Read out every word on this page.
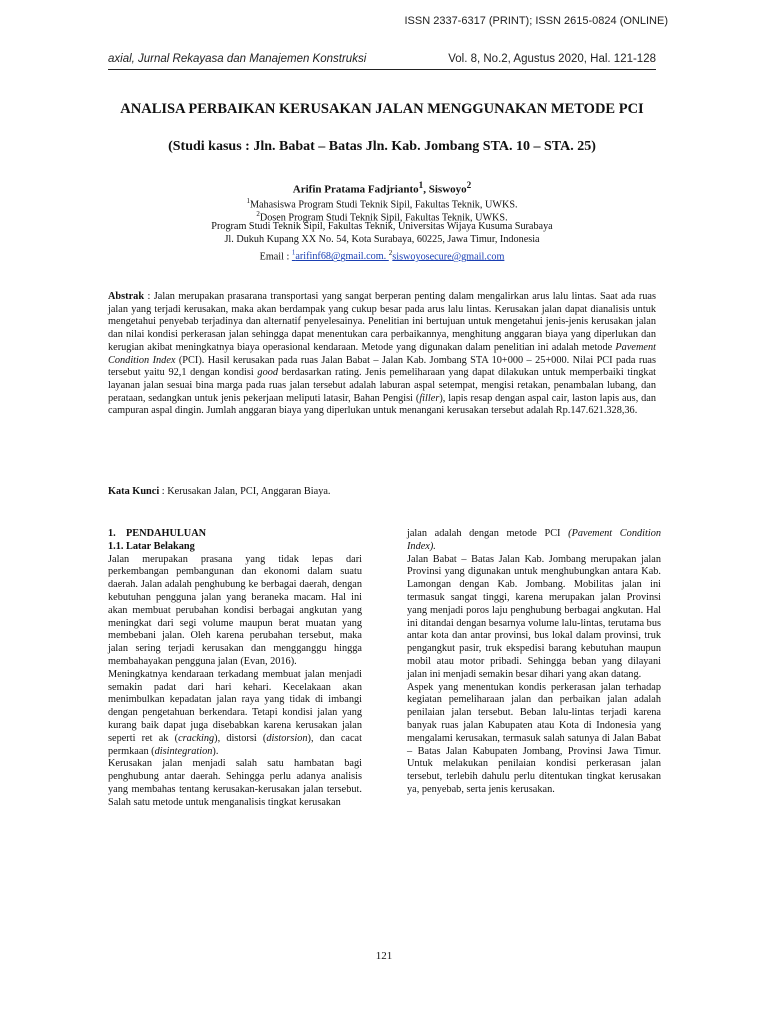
ISSN 2337-6317 (PRINT); ISSN 2615-0824 (ONLINE)
axial, Jurnal Rekayasa dan Manajemen Konstruksi	Vol. 8, No.2, Agustus 2020, Hal. 121-128
ANALISA PERBAIKAN KERUSAKAN JALAN MENGGUNAKAN METODE PCI
(Studi kasus : Jln. Babat – Batas Jln. Kab. Jombang STA. 10 – STA. 25)
Arifin Pratama Fadjrianto$^1$, Siswoyo$^2$
$^1$Mahasiswa Program Studi Teknik Sipil, Fakultas Teknik, UWKS.
$^2$Dosen Program Studi Teknik Sipil, Fakultas Teknik, UWKS.
Program Studi Teknik Sipil, Fakultas Teknik, Universitas Wijaya Kusuma Surabaya
Jl. Dukuh Kupang XX No. 54, Kota Surabaya, 60225, Jawa Timur, Indonesia
Email : $^1$arifinf68@gmail.com. $^2$siswoyosecure@gmail.com
Abstrak : Jalan merupakan prasarana transportasi yang sangat berperan penting dalam mengalirkan arus lalu lintas. Saat ada ruas jalan yang terjadi kerusakan, maka akan berdampak yang cukup besar pada arus lalu lintas. Kerusakan jalan dapat dianalisis untuk mengetahui penyebab terjadinya dan alternatif penyelesainya. Penelitian ini bertujuan untuk mengetahui jenis-jenis kerusakan jalan dan nilai kondisi perkerasan jalan sehingga dapat menentukan cara perbaikannya, menghitung anggaran biaya yang diperlukan dan kerugian akibat meningkatnya biaya operasional kendaraan. Metode yang digunakan dalam penelitian ini adalah metode Pavement Condition Index (PCI). Hasil kerusakan pada ruas Jalan Babat – Jalan Kab. Jombang STA 10+000 – 25+000. Nilai PCI pada ruas tersebut yaitu 92,1 dengan kondisi good berdasarkan rating. Jenis pemeliharaan yang dapat dilakukan untuk memperbaiki tingkat layanan jalan sesuai bina marga pada ruas jalan tersebut adalah laburan aspal setempat, mengisi retakan, penambalan lubang, dan perataan, sedangkan untuk jenis pekerjaan meliputi latasir, Bahan Pengisi (filler), lapis resap dengan aspal cair, laston lapis aus, dan campuran aspal dingin. Jumlah anggaran biaya yang diperlukan untuk menangani kerusakan tersebut adalah Rp.147.621.328,36.
Kata Kunci : Kerusakan Jalan, PCI, Anggaran Biaya.
1.    PENDAHULUAN
1.1. Latar Belakang

Jalan merupakan prasana yang tidak lepas dari perkembangan pembangunan dan ekonomi dalam suatu daerah. Jalan adalah penghubung ke berbagai daerah, dengan kebutuhan pengguna jalan yang beraneka macam. Hal ini akan membuat perubahan kondisi berbagai angkutan yang meningkat dari segi volume maupun berat muatan yang membebani jalan. Oleh karena perubahan tersebut, maka jalan sering terjadi kerusakan dan mengganggu hingga membahayakan pengguna jalan (Evan, 2016).

Meningkatnya kendaraan terkadang membuat jalan menjadi semakin padat dari hari kehari. Kecelakaan akan menimbulkan kepadatan jalan raya yang tidak di imbangi dengan pengetahuan berkendara. Tetapi kondisi jalan yang kurang baik dapat juga disebabkan karena kerusakan jalan seperti ret ak (cracking), distorsi (distorsion), dan cacat permkaan (disintegration).

Kerusakan jalan menjadi salah satu hambatan bagi penghubung antar daerah. Sehingga perlu adanya analisis yang membahas tentang kerusakan-kerusakan jalan tersebut. Salah satu metode untuk menganalisis tingkat kerusakan

jalan adalah dengan metode PCI (Pavement Condition Index).

Jalan Babat – Batas Jalan Kab. Jombang merupakan jalan Provinsi yang digunakan untuk menghubungkan antara Kab. Lamongan dengan Kab. Jombang. Mobilitas jalan ini termasuk sangat tinggi, karena merupakan jalan Provinsi yang menjadi poros laju penghubung berbagai angkutan. Hal ini ditandai dengan besarnya volume lalu-lintas, terutama bus antar kota dan antar provinsi, bus lokal dalam provinsi, truk pengangkut pasir, truk ekspedisi barang kebutuhan maupun mobil atau motor pribadi. Sehingga beban yang dilayani jalan ini menjadi semakin besar dihari yang akan datang.

Aspek yang menentukan kondis perkerasan jalan terhadap kegiatan pemeliharaan jalan dan perbaikan jalan adalah penilaian jalan tersebut. Beban lalu-lintas terjadi karena banyak ruas jalan Kabupaten atau Kota di Indonesia yang mengalami kerusakan, termasuk salah satunya di Jalan Babat – Batas Jalan Kabupaten Jombang, Provinsi Jawa Timur. Untuk melakukan penilaian kondisi perkerasan jalan tersebut, terlebih dahulu perlu ditentukan tingkat kerusakan ya, penyebab, serta jenis kerusakan.

121
